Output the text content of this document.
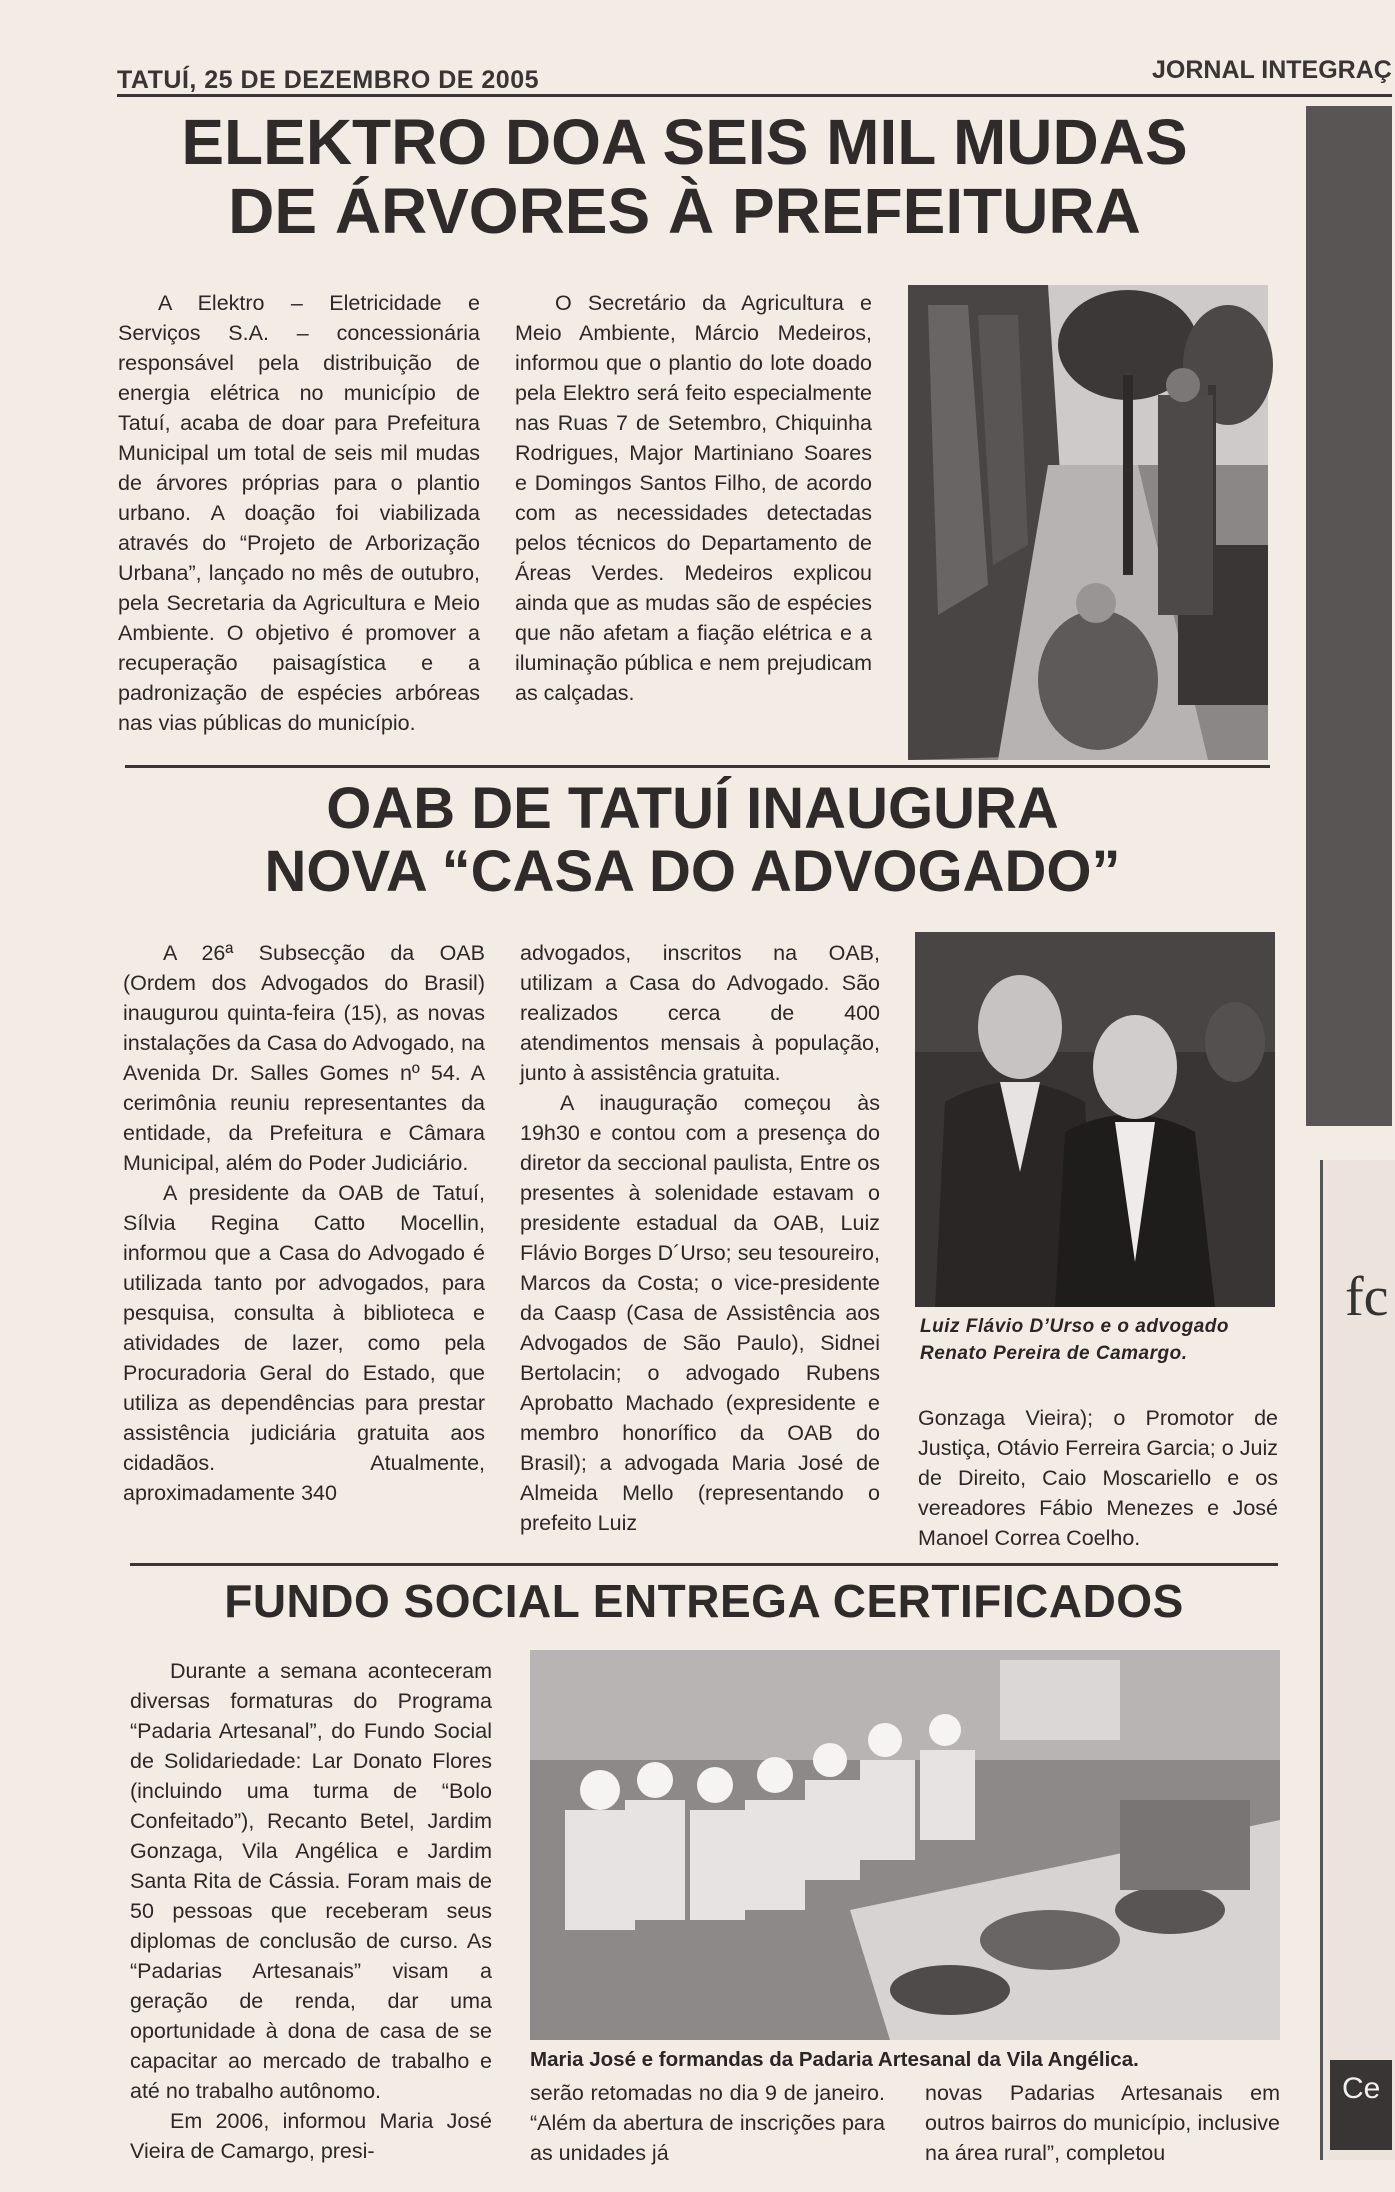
TATUÍ, 25 DE DEZEMBRO DE 2005	JORNAL INTEGRAÇ
ELEKTRO DOA SEIS MIL MUDAS
DE ÁRVORES À PREFEITURA

A Elektro – Eletricidade e Serviços S.A. – concessionária responsável pela distribuição de energia elétrica no município de Tatuí, acaba de doar para Prefeitura Municipal um total de seis mil mudas de árvores próprias para o plantio urbano. A doação foi viabilizada através do “Projeto de Arborização Urbana”, lançado no mês de outubro, pela Secretaria da Agricultura e Meio Ambiente. O objetivo é promover a recuperação paisagística e a padronização de espécies arbóreas nas vias públicas do município.

O Secretário da Agricultura e Meio Ambiente, Márcio Medeiros, informou que o plantio do lote doado pela Elektro será feito especialmente nas Ruas 7 de Setembro, Chiquinha Rodrigues, Major Martiniano Soares e Domingos Santos Filho, de acordo com as necessidades detectadas pelos técnicos do Departamento de Áreas Verdes. Medeiros explicou ainda que as mudas são de espécies que não afetam a fiação elétrica e a iluminação pública e nem prejudicam as calçadas.

OAB DE TATUÍ INAUGURA
NOVA “CASA DO ADVOGADO”

A 26ª Subsecção da OAB (Ordem dos Advogados do Brasil) inaugurou quinta-feira (15), as novas instalações da Casa do Advogado, na Avenida Dr. Salles Gomes nº 54. A cerimônia reuniu representantes da entidade, da Prefeitura e Câmara Municipal, além do Poder Judiciário.

A presidente da OAB de Tatuí, Sílvia Regina Catto Mocellin, informou que a Casa do Advogado é utilizada tanto por advogados, para pesquisa, consulta à biblioteca e atividades de lazer, como pela Procuradoria Geral do Estado, que utiliza as dependências para prestar assistência judiciária gratuita aos cidadãos. Atualmente, aproximadamente 340

advogados, inscritos na OAB, utilizam a Casa do Advogado. São realizados cerca de 400 atendimentos mensais à população, junto à assistência gratuita.

A inauguração começou às 19h30 e contou com a presença do diretor da seccional paulista, Entre os presentes à solenidade estavam o presidente estadual da OAB, Luiz Flávio Borges D´Urso; seu tesoureiro, Marcos da Costa; o vice-presidente da Caasp (Casa de Assistência aos Advogados de São Paulo), Sidnei Bertolacin; o advogado Rubens Aprobatto Machado (expresidente e membro honorífico da OAB do Brasil); a advogada Maria José de Almeida Mello (representando o prefeito Luiz

Luiz Flávio D’Urso e o advogado
Renato Pereira de Camargo.

Gonzaga Vieira); o Promotor de Justiça, Otávio Ferreira Garcia; o Juiz de Direito, Caio Moscariello e os vereadores Fábio Menezes e José Manoel Correa Coelho.

FUNDO SOCIAL ENTREGA CERTIFICADOS

Durante a semana aconteceram diversas formaturas do Programa “Padaria Artesanal”, do Fundo Social de Solidariedade: Lar Donato Flores (incluindo uma turma de “Bolo Confeitado”), Recanto Betel, Jardim Gonzaga, Vila Angélica e Jardim Santa Rita de Cássia. Foram mais de 50 pessoas que receberam seus diplomas de conclusão de curso. As “Padarias Artesanais” visam a geração de renda, dar uma oportunidade à dona de casa de se capacitar ao mercado de trabalho e até no trabalho autônomo.

Em 2006, informou Maria José Vieira de Camargo, presi-

Maria José e formandas da Padaria Artesanal da Vila Angélica.

serão retomadas no dia 9 de janeiro. “Além da abertura de inscrições para as unidades já

novas Padarias Artesanais em outros bairros do município, inclusive na área rural”, completou

fc
Ce
